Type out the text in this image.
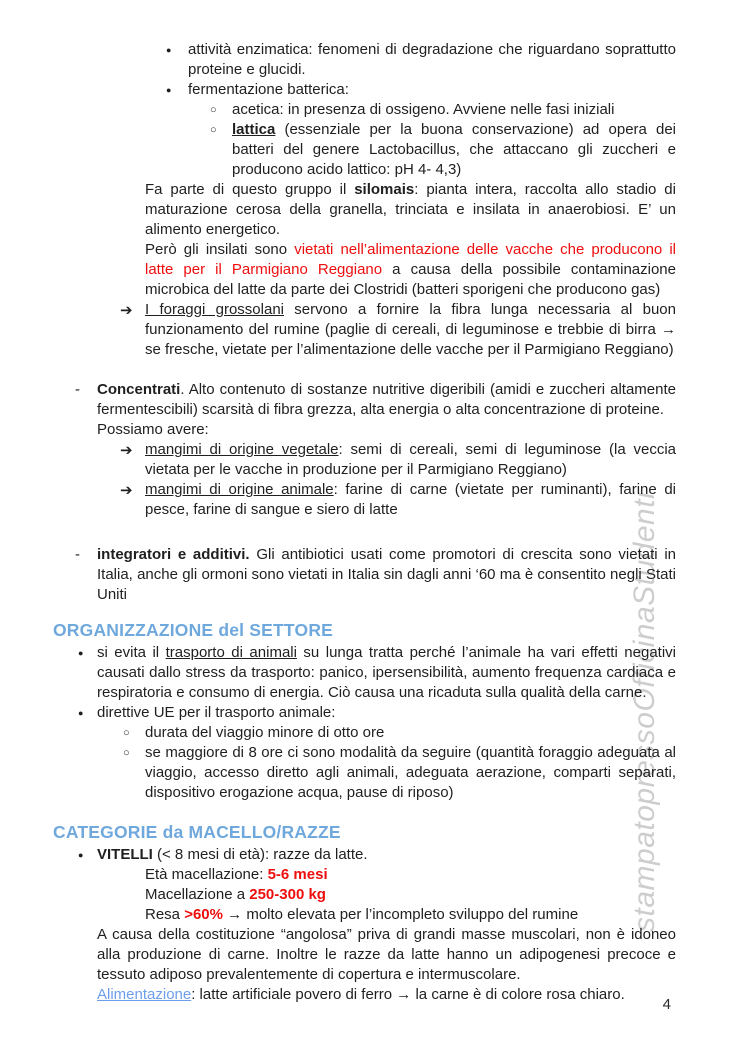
stampatopressoOfficinaStudenti
●	attività enzimatica: fenomeni di degradazione che riguardano soprattutto proteine e glucidi.
●	fermentazione batterica:
○	acetica: in presenza di ossigeno. Avviene nelle fasi iniziali
○	lattica (essenziale per la buona conservazione) ad opera dei batteri del genere Lactobacillus, che attaccano gli zuccheri e producono acido lattico: pH 4- 4,3)
Fa parte di questo gruppo il silomais: pianta intera, raccolta allo stadio di maturazione cerosa della granella, trinciata e insilata in anaerobiosi. E’ un alimento energetico.
Però gli insilati sono vietati nell’alimentazione delle vacche che producono il latte per il Parmigiano Reggiano a causa della possibile contaminazione microbica del latte da parte dei Clostridi (batteri sporigeni che producono gas)
➔ I foraggi grossolani servono a fornire la fibra lunga necessaria al buon funzionamento del rumine (paglie di cereali, di leguminose e trebbie di birra → se fresche, vietate per l’alimentazione delle vacche per il Parmigiano Reggiano)
-	Concentrati. Alto contenuto di sostanze nutritive digeribili (amidi e zuccheri altamente fermentescibili) scarsità di fibra grezza, alta energia o alta concentrazione di proteine.
Possiamo avere:
➔ mangimi di origine vegetale: semi di cereali, semi di leguminose (la veccia vietata per le vacche in produzione per il Parmigiano Reggiano)
➔ mangimi di origine animale: farine di carne (vietate per ruminanti), farine di pesce, farine di sangue e siero di latte
-	integratori e additivi. Gli antibiotici usati come promotori di crescita sono vietati in Italia, anche gli ormoni sono vietati in Italia sin dagli anni ‘60 ma è consentito negli Stati Uniti
ORGANIZZAZIONE del SETTORE
● si evita il trasporto di animali su lunga tratta perché l’animale ha vari effetti negativi causati dallo stress da trasporto: panico, ipersensibilità, aumento frequenza cardiaca e respiratoria e consumo di energia. Ciò causa una ricaduta sulla qualità della carne.
● direttive UE per il trasporto animale:
○	durata del viaggio minore di otto ore
○	se maggiore di 8 ore ci sono modalità da seguire (quantità foraggio adeguata al viaggio, accesso diretto agli animali, adeguata aerazione, comparti separati, dispositivo erogazione acqua, pause di riposo)
CATEGORIE da MACELLO/RAZZE
● VITELLI (< 8 mesi di età): razze da latte.
Età macellazione: 5-6 mesi
Macellazione a 250-300 kg
Resa >60% → molto elevata per l’incompleto sviluppo del rumine
A causa della costituzione “angolosa” priva di grandi masse muscolari, non è idoneo alla produzione di carne. Inoltre le razze da latte hanno un adipogenesi precoce e tessuto adiposo prevalentemente di copertura e intermuscolare.
Alimentazione: latte artificiale povero di ferro → la carne è di colore rosa chiaro.
4
